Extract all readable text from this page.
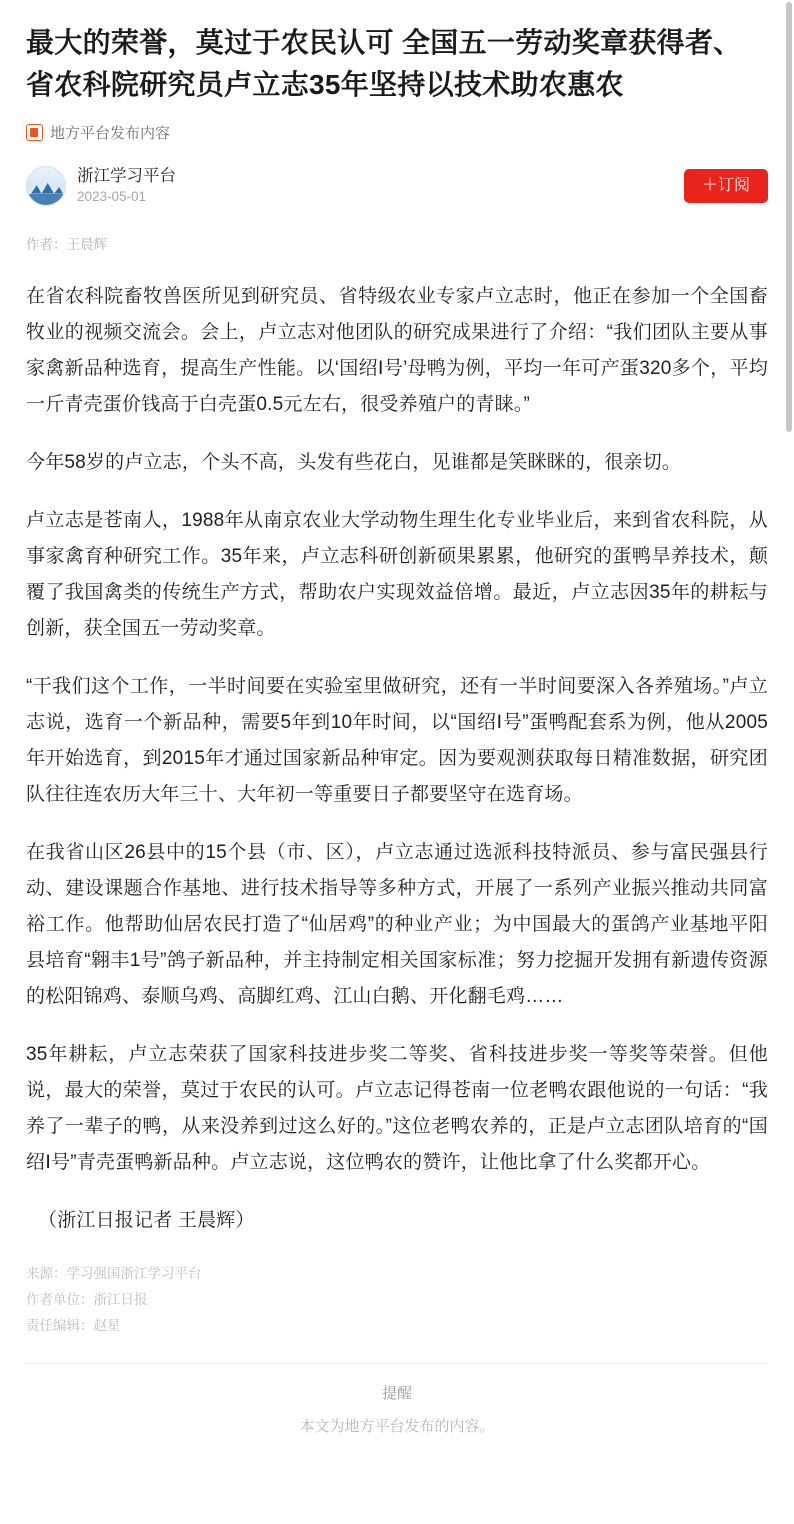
最大的荣誉，莫过于农民认可 全国五一劳动奖章获得者、省农科院研究员卢立志35年坚持以技术助农惠农
地方平台发布内容
浙江学习平台
2023-05-01
＋订阅
作者：王晨辉

在省农科院畜牧兽医所见到研究员、省特级农业专家卢立志时，他正在参加一个全国畜牧业的视频交流会。会上，卢立志对他团队的研究成果进行了介绍：“我们团队主要从事家禽新品种选育，提高生产性能。以‘国绍Ⅰ号’母鸭为例，平均一年可产蛋320多个，平均一斤青壳蛋价钱高于白壳蛋0.5元左右，很受养殖户的青睐。”

今年58岁的卢立志，个头不高，头发有些花白，见谁都是笑眯眯的，很亲切。

卢立志是苍南人，1988年从南京农业大学动物生理生化专业毕业后，来到省农科院，从事家禽育种研究工作。35年来，卢立志科研创新硕果累累，他研究的蛋鸭旱养技术，颠覆了我国禽类的传统生产方式，帮助农户实现效益倍增。最近，卢立志因35年的耕耘与创新，获全国五一劳动奖章。

“干我们这个工作，一半时间要在实验室里做研究，还有一半时间要深入各养殖场。”卢立志说，选育一个新品种，需要5年到10年时间，以“国绍Ⅰ号”蛋鸭配套系为例，他从2005年开始选育，到2015年才通过国家新品种审定。因为要观测获取每日精准数据，研究团队往往连农历大年三十、大年初一等重要日子都要坚守在选育场。

在我省山区26县中的15个县（市、区），卢立志通过选派科技特派员、参与富民强县行动、建设课题合作基地、进行技术指导等多种方式，开展了一系列产业振兴推动共同富裕工作。他帮助仙居农民打造了“仙居鸡”的种业产业；为中国最大的蛋鸽产业基地平阳县培育“翱丰1号”鸽子新品种，并主持制定相关国家标准；努力挖掘开发拥有新遗传资源的松阳锦鸡、泰顺乌鸡、高脚红鸡、江山白鹅、开化翻毛鸡……

35年耕耘，卢立志荣获了国家科技进步奖二等奖、省科技进步奖一等奖等荣誉。但他说，最大的荣誉，莫过于农民的认可。卢立志记得苍南一位老鸭农跟他说的一句话：“我养了一辈子的鸭，从来没养到过这么好的。”这位老鸭农养的，正是卢立志团队培育的“国绍Ⅰ号”青壳蛋鸭新品种。卢立志说，这位鸭农的赞许，让他比拿了什么奖都开心。

（浙江日报记者 王晨辉）

来源：学习强国浙江学习平台
作者单位：浙江日报
责任编辑：赵星
提醒
本文为地方平台发布的内容。
